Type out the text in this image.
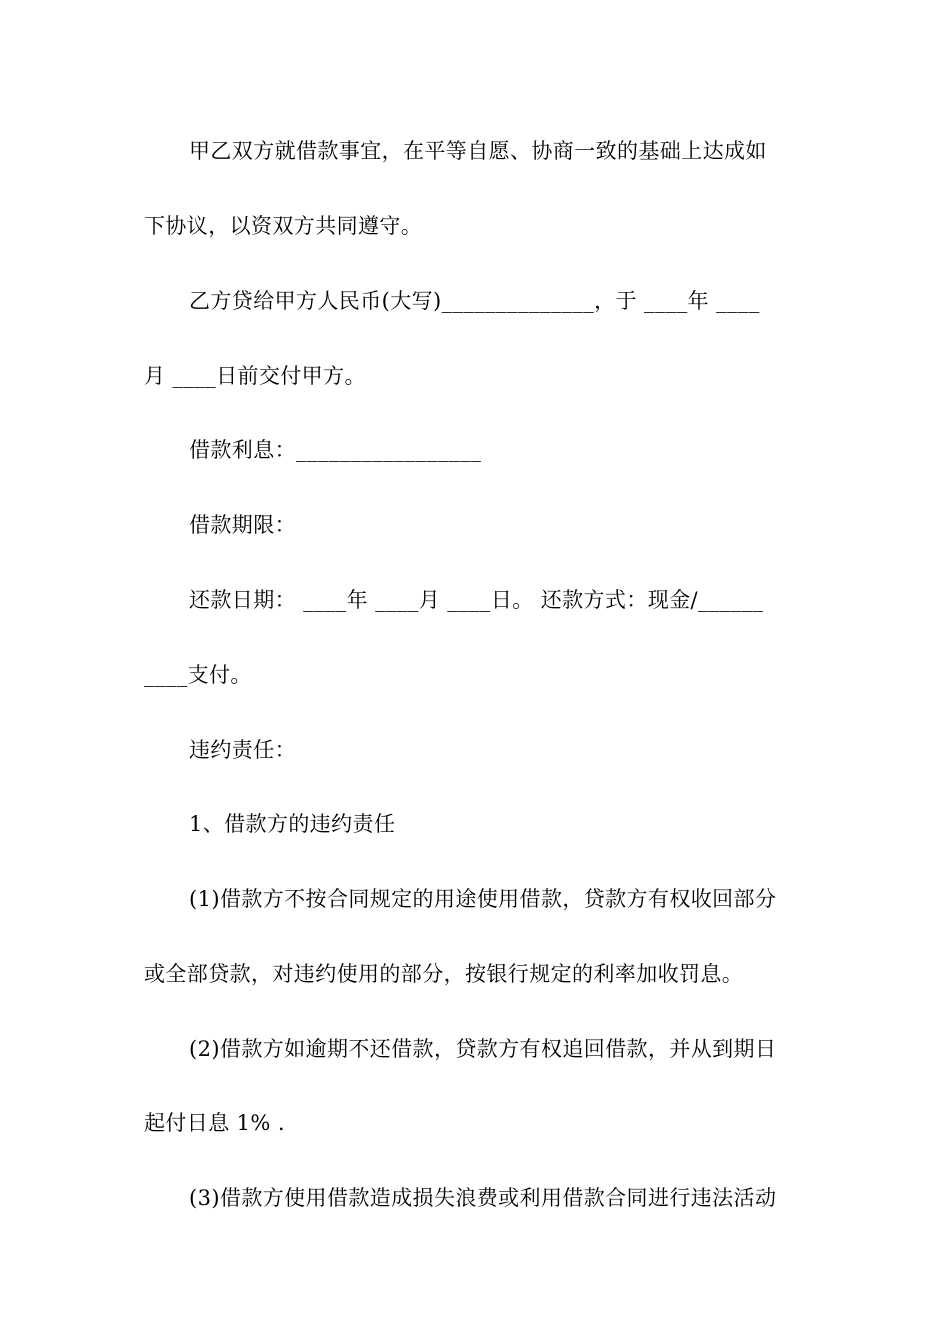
甲乙双方就借款事宜，在平等自愿、协商一致的基础上达成如
下协议，以资双方共同遵守。
乙方贷给甲方人民币(大写)______________，于 ____年 ____
月 ____日前交付甲方。
借款利息：_________________
借款期限：
还款日期： ____年 ____月 ____日。 还款方式：现金/______
____支付。
违约责任：
1、借款方的违约责任
(1)借款方不按合同规定的用途使用借款，贷款方有权收回部分
或全部贷款，对违约使用的部分，按银行规定的利率加收罚息。
(2)借款方如逾期不还借款，贷款方有权追回借款，并从到期日
起付日息 1% .
(3)借款方使用借款造成损失浪费或利用借款合同进行违法活动
